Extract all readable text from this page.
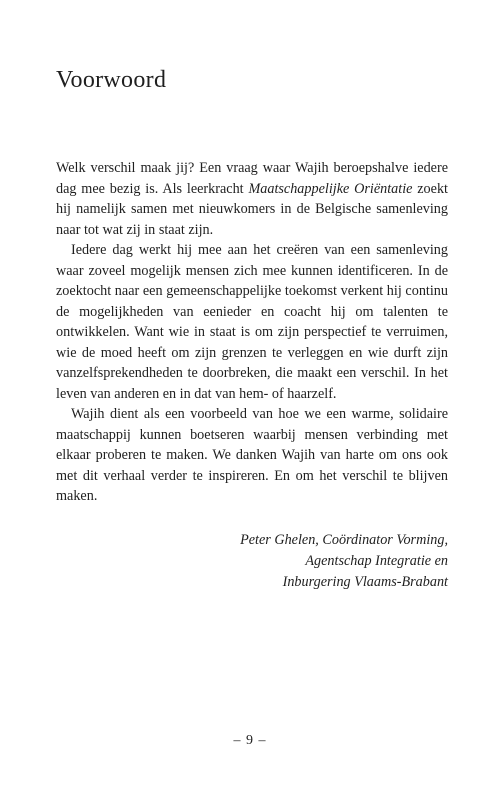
Voorwoord

Welk verschil maak jij? Een vraag waar Wajih beroepshalve iedere dag mee bezig is. Als leerkracht Maatschappelijke Oriëntatie zoekt hij namelijk samen met nieuwkomers in de Belgische samenleving naar tot wat zij in staat zijn.

Iedere dag werkt hij mee aan het creëren van een samenleving waar zoveel mogelijk mensen zich mee kunnen identificeren. In de zoektocht naar een gemeenschappelijke toekomst verkent hij continu de mogelijkheden van eenieder en coacht hij om talenten te ontwikkelen. Want wie in staat is om zijn perspectief te verruimen, wie de moed heeft om zijn grenzen te verleggen en wie durft zijn vanzelfsprekendheden te doorbreken, die maakt een verschil. In het leven van anderen en in dat van hem- of haarzelf.

Wajih dient als een voorbeeld van hoe we een warme, solidaire maatschappij kunnen boetseren waarbij mensen verbinding met elkaar proberen te maken. We danken Wajih van harte om ons ook met dit verhaal verder te inspireren. En om het verschil te blijven maken.

Peter Ghelen, Coördinator Vorming,
Agentschap Integratie en
Inburgering Vlaams-Brabant
– 9 –
